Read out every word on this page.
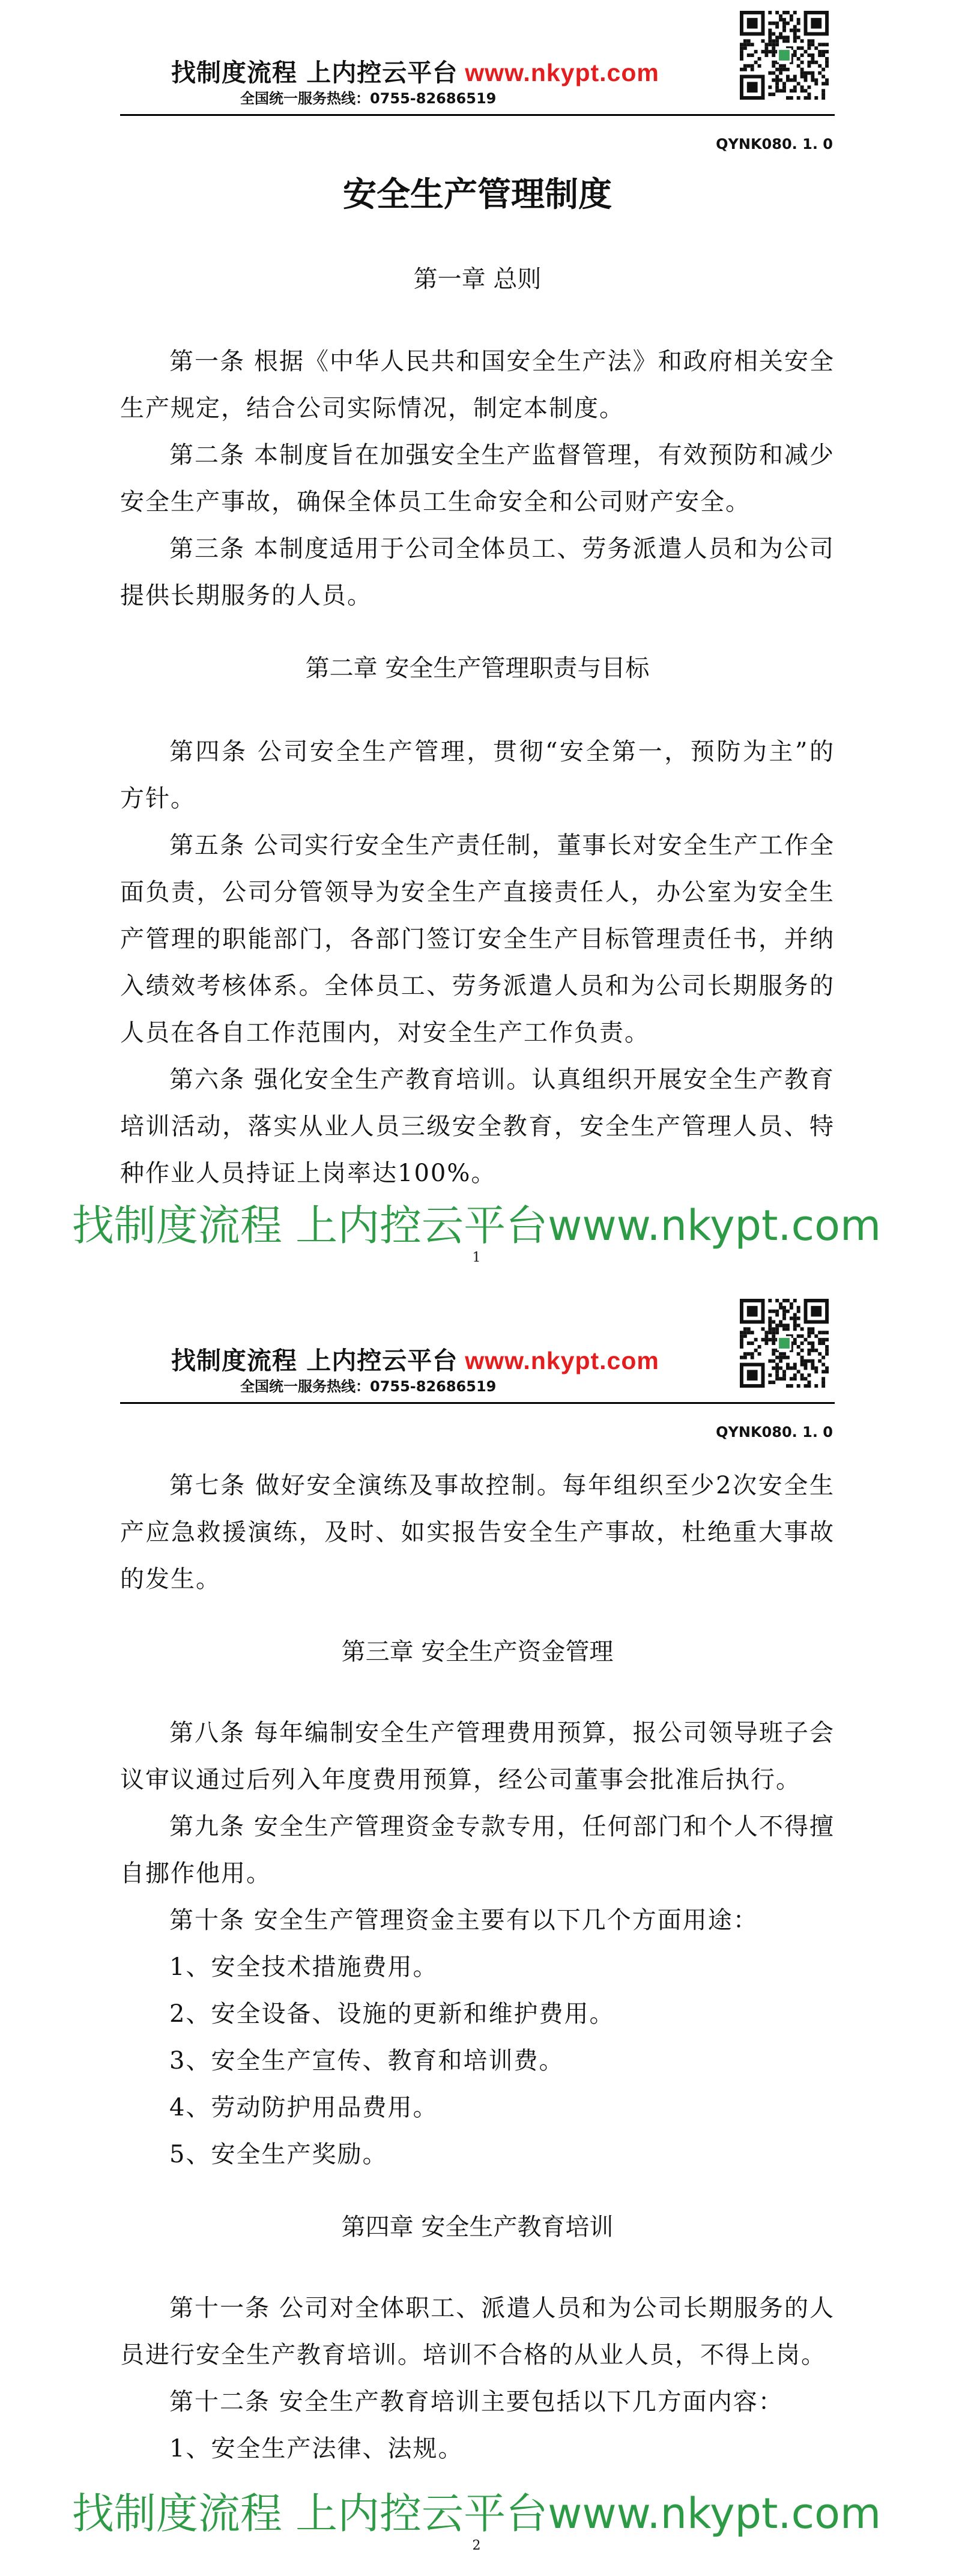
找制度流程 上内控云平台 www.nkypt.com
全国统一服务热线：0755-82686519
QYNK080. 1. 0
安全生产管理制度
第一章 总则

第一条 根据《中华人民共和国安全生产法》和政府相关安全生产规定，结合公司实际情况，制定本制度。

第二条 本制度旨在加强安全生产监督管理，有效预防和减少安全生产事故，确保全体员工生命安全和公司财产安全。

第三条 本制度适用于公司全体员工、劳务派遣人员和为公司提供长期服务的人员。

第二章 安全生产管理职责与目标

第四条 公司安全生产管理，贯彻“安全第一，预防为主”的方针。

第五条 公司实行安全生产责任制，董事长对安全生产工作全面负责，公司分管领导为安全生产直接责任人，办公室为安全生产管理的职能部门，各部门签订安全生产目标管理责任书，并纳入绩效考核体系。全体员工、劳务派遣人员和为公司长期服务的人员在各自工作范围内，对安全生产工作负责。

第六条 强化安全生产教育培训。认真组织开展安全生产教育培训活动，落实从业人员三级安全教育，安全生产管理人员、特种作业人员持证上岗率达100%。

找制度流程 上内控云平台www.nkypt.com
1
找制度流程 上内控云平台 www.nkypt.com
全国统一服务热线：0755-82686519
QYNK080. 1. 0

第七条 做好安全演练及事故控制。每年组织至少2次安全生产应急救援演练，及时、如实报告安全生产事故，杜绝重大事故的发生。

第三章 安全生产资金管理

第八条 每年编制安全生产管理费用预算，报公司领导班子会议审议通过后列入年度费用预算，经公司董事会批准后执行。

第九条 安全生产管理资金专款专用，任何部门和个人不得擅自挪作他用。

第十条 安全生产管理资金主要有以下几个方面用途：

1、安全技术措施费用。

2、安全设备、设施的更新和维护费用。

3、安全生产宣传、教育和培训费。

4、劳动防护用品费用。

5、安全生产奖励。

第四章 安全生产教育培训

第十一条 公司对全体职工、派遣人员和为公司长期服务的人员进行安全生产教育培训。培训不合格的从业人员，不得上岗。

第十二条 安全生产教育培训主要包括以下几方面内容：

1、安全生产法律、法规。

找制度流程 上内控云平台www.nkypt.com
2
